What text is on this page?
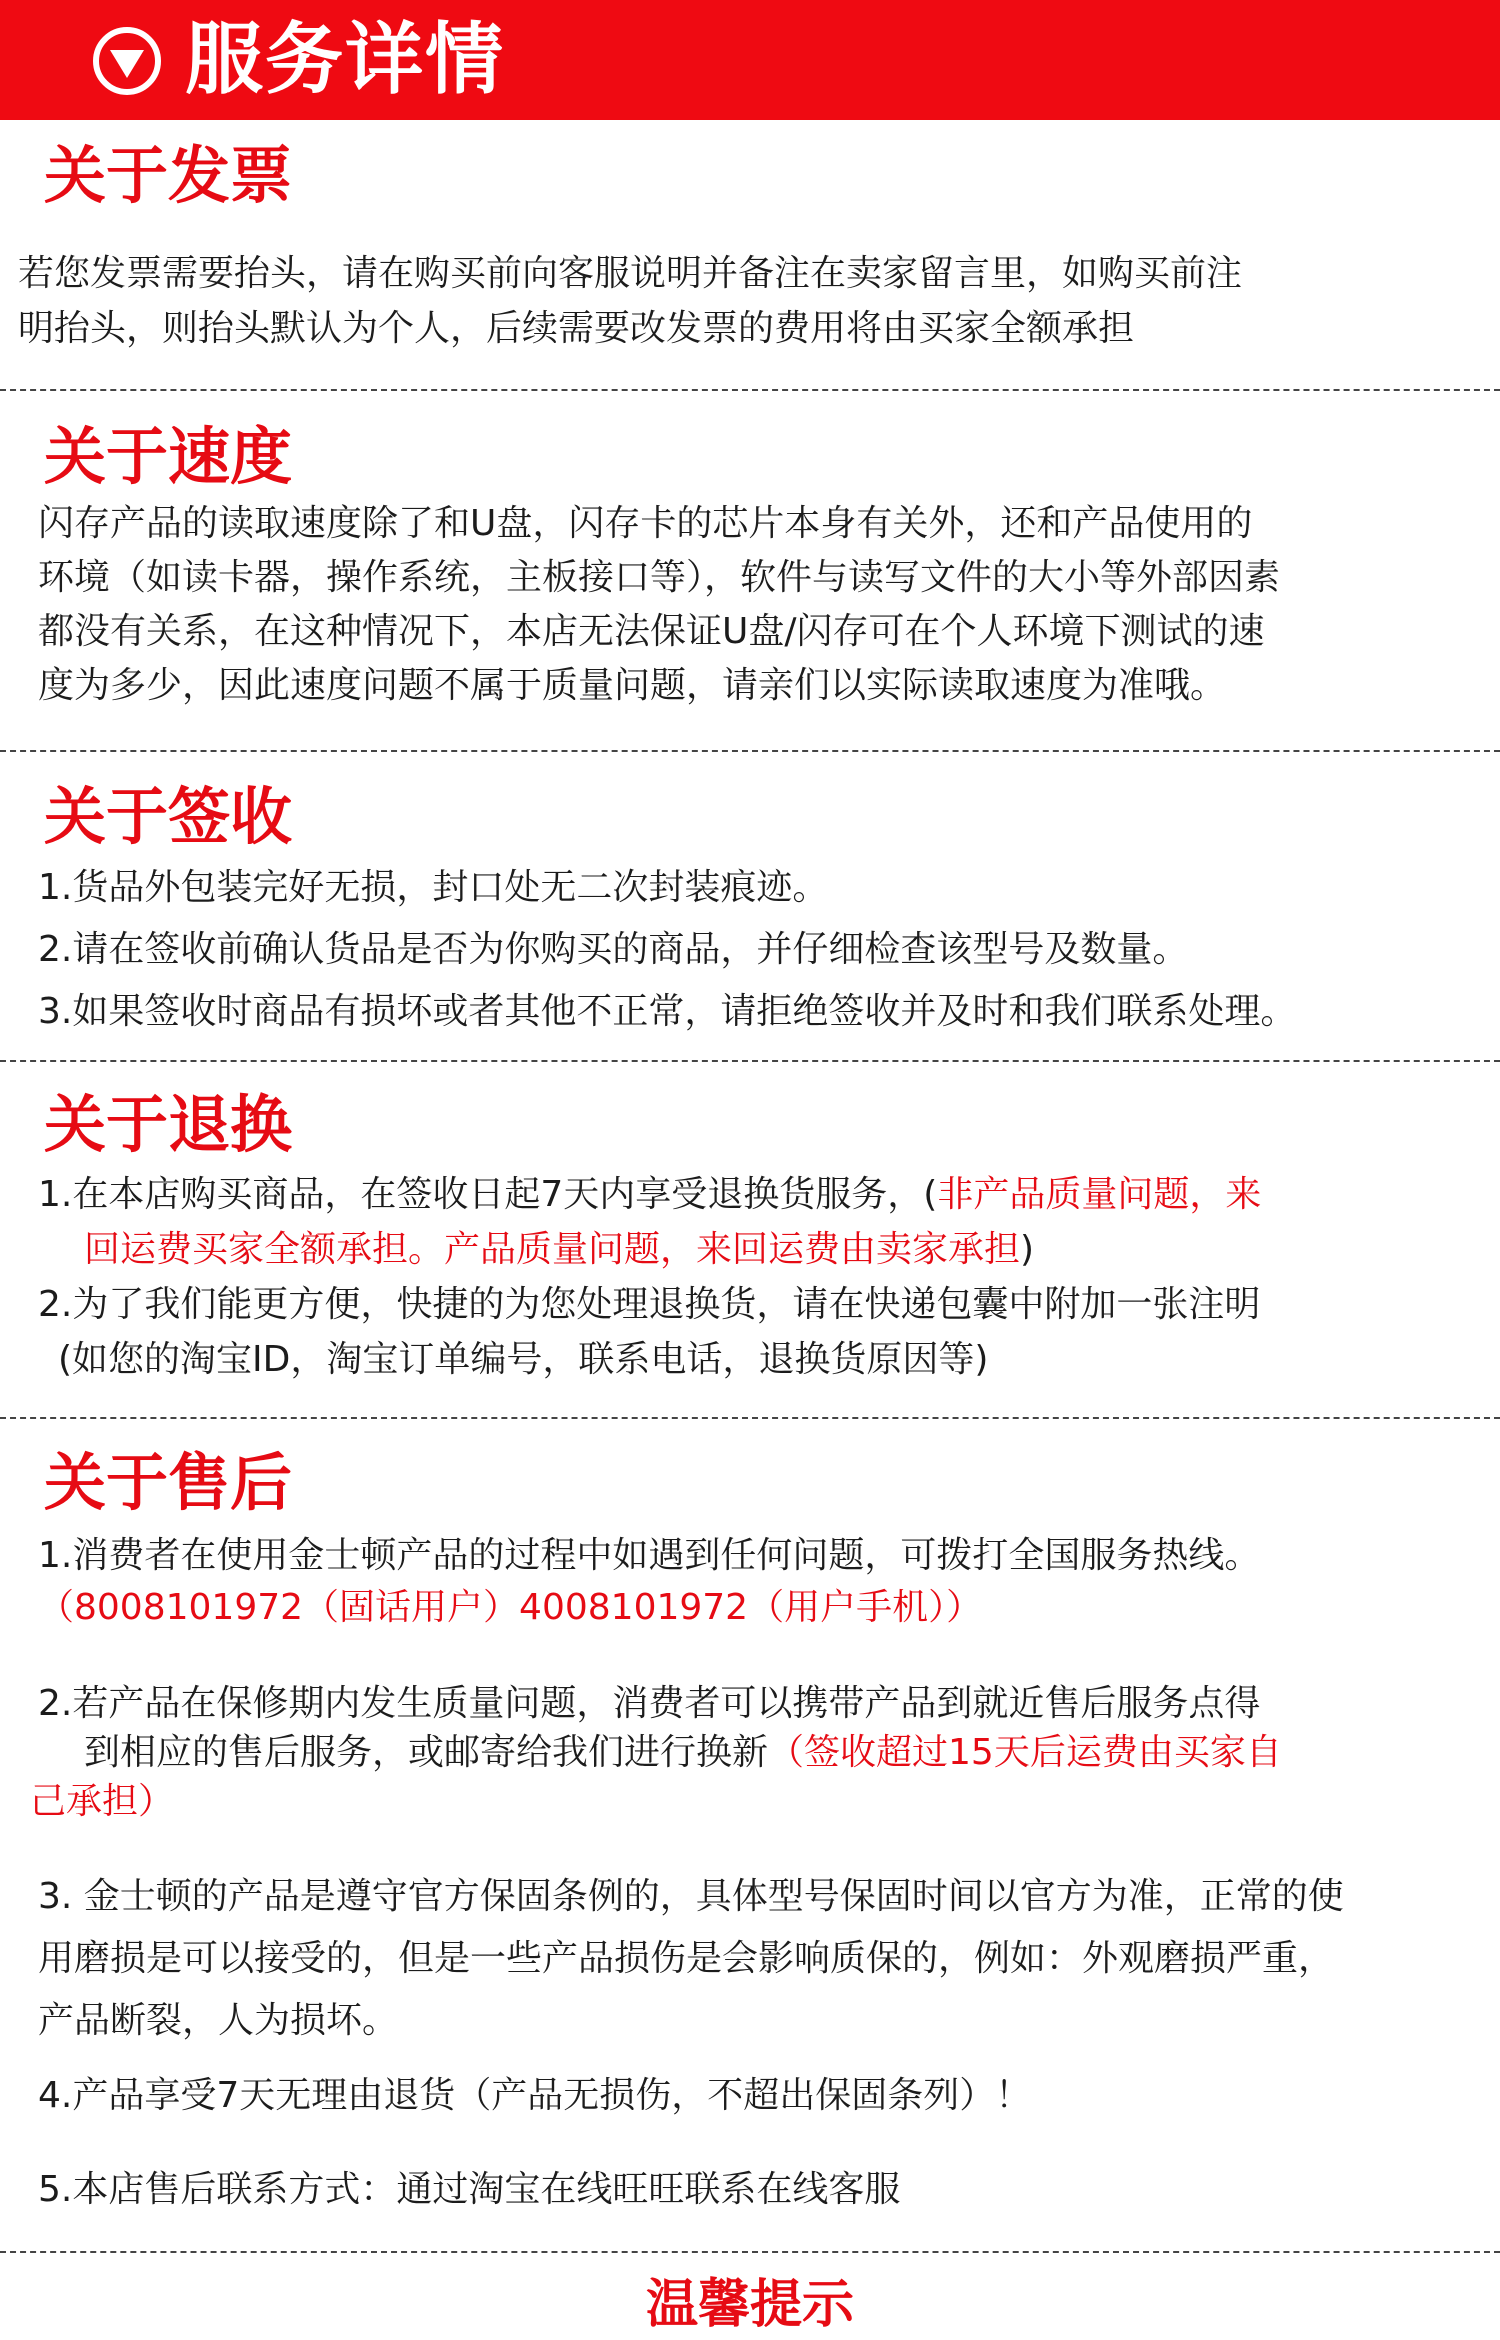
服务详情
关于发票
若您发票需要抬头，请在购买前向客服说明并备注在卖家留言里，如购买前注
明抬头，则抬头默认为个人，后续需要改发票的费用将由买家全额承担
关于速度
闪存产品的读取速度除了和U盘，闪存卡的芯片本身有关外，还和产品使用的
环境（如读卡器，操作系统，主板接口等），软件与读写文件的大小等外部因素
都没有关系，在这种情况下，本店无法保证U盘/闪存可在个人环境下测试的速
度为多少，因此速度问题不属于质量问题，请亲们以实际读取速度为准哦。
关于签收
1.货品外包装完好无损，封口处无二次封装痕迹。
2.请在签收前确认货品是否为你购买的商品，并仔细检查该型号及数量。
3.如果签收时商品有损坏或者其他不正常，请拒绝签收并及时和我们联系处理。
关于退换
1.在本店购买商品，在签收日起7天内享受退换货服务，(非产品质量问题，来
回运费买家全额承担。产品质量问题，来回运费由卖家承担)
2.为了我们能更方便，快捷的为您处理退换货，请在快递包囊中附加一张注明
(如您的淘宝ID，淘宝订单编号，联系电话，退换货原因等)
关于售后
1.消费者在使用金士顿产品的过程中如遇到任何问题，可拨打全国服务热线。
（8008101972（固话用户）4008101972（用户手机））
2.若产品在保修期内发生质量问题，消费者可以携带产品到就近售后服务点得
到相应的售后服务，或邮寄给我们进行换新（签收超过15天后运费由买家自
己承担）
3. 金士顿的产品是遵守官方保固条例的，具体型号保固时间以官方为准，正常的使
用磨损是可以接受的，但是一些产品损伤是会影响质保的，例如：外观磨损严重，
产品断裂，人为损坏。
4.产品享受7天无理由退货（产品无损伤，不超出保固条列）！
5.本店售后联系方式：通过淘宝在线旺旺联系在线客服
温馨提示
